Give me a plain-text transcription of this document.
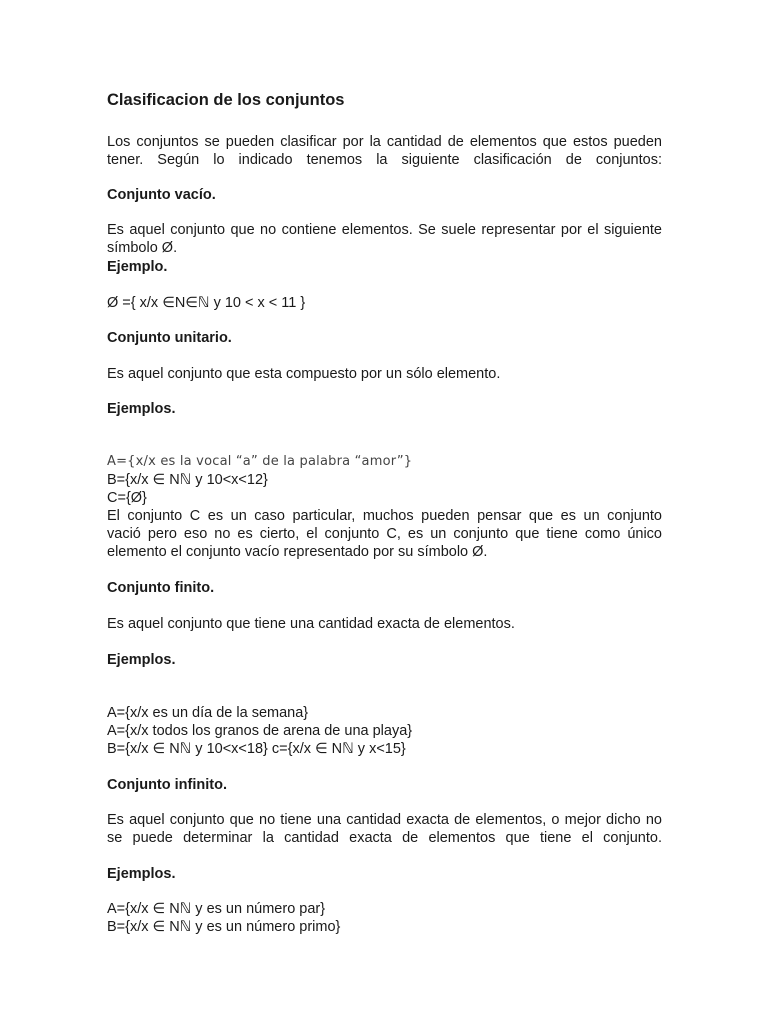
Clasificacion de los conjuntos

Los conjuntos se pueden clasificar por la cantidad de elementos que estos pueden
tener. Según lo indicado tenemos la siguiente clasificación de conjuntos:

Conjunto vacío.

Es aquel conjunto que no contiene elementos. Se suele representar por el siguiente
símbolo Ø.

Ejemplo.

Ø ={ x/x ∈N∈ℕ y 10 < x < 11 }

Conjunto unitario.

Es aquel conjunto que esta compuesto por un sólo elemento.

Ejemplos.

A={x/x es la vocal “a” de la palabra “amor”}
B={x/x ∈ Nℕ y 10<x<12}
C={Ø}
El conjunto C es un caso particular, muchos pueden pensar que es un conjunto
vació pero eso no es cierto, el conjunto C, es un conjunto que tiene como único
elemento el conjunto vacío representado por su símbolo Ø.

Conjunto finito.

Es aquel conjunto que tiene una cantidad exacta de elementos.

Ejemplos.

A={x/x es un día de la semana}
A={x/x todos los granos de arena de una playa}
B={x/x ∈ Nℕ y 10<x<18} c={x/x ∈ Nℕ y x<15}

Conjunto infinito.

Es aquel conjunto que no tiene una cantidad exacta de elementos, o mejor dicho no
se puede determinar la cantidad exacta de elementos que tiene el conjunto.

Ejemplos.

A={x/x ∈ Nℕ y es un número par}
B={x/x ∈ Nℕ y es un número primo}
